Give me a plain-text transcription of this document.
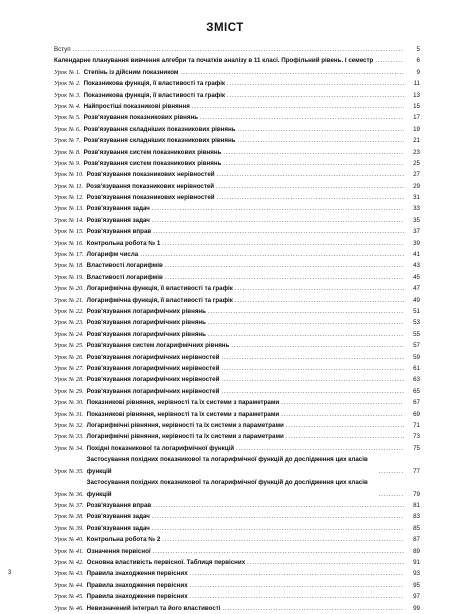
ЗМІСТ
Вступ .....	5
Календарне планування вивчення алгебри та початків аналізу в 11 класі. Профільний рівень. І семестр .....	6
Урок № 1. Степінь із дійсним показником .....	9
Урок № 2. Показникова функція, її властивості та графік .....	11
Урок № 3. Показникова функція, її властивості та графік .....	13
Урок № 4. Найпростіші показникові рівняння .....	15
Урок № 5. Розв'язування показникових рівнянь .....	17
Урок № 6. Розв'язування складніших показникових рівнянь .....	19
Урок № 7. Розв'язування складніших показникових рівнянь .....	21
Урок № 8. Розв'язування систем показникових рівнянь .....	23
Урок № 9. Розв'язування систем показникових рівнянь .....	25
Урок № 10. Розв'язування показникових нерівностей .....	27
Урок № 11. Розв'язування показникових нерівностей .....	29
Урок № 12. Розв'язування показникових нерівностей .....	31
Урок № 13. Розв'язування задач .....	33
Урок № 14. Розв'язування задач .....	35
Урок № 15. Розв'язування вправ .....	37
Урок № 16. Контрольна робота № 1 .....	39
Урок № 17. Логарифм числа .....	41
Урок № 18. Властивості логарифмів .....	43
Урок № 19. Властивості логарифмів .....	45
Урок № 20. Логарифмічна функція, її властивості та графік .....	47
Урок № 21. Логарифмічна функція, її властивості та графік .....	49
Урок № 22. Розв'язування логарифмічних рівнянь .....	51
Урок № 23. Розв'язування логарифмічних рівнянь .....	53
Урок № 24. Розв'язування логарифмічних рівнянь .....	55
Урок № 25. Розв'язування систем логарифмічних рівнянь .....	57
Урок № 26. Розв'язування логарифмічних нерівностей .....	59
Урок № 27. Розв'язування логарифмічних нерівностей .....	61
Урок № 28. Розв'язування логарифмічних нерівностей .....	63
Урок № 29. Розв'язування логарифмічних нерівностей .....	65
Урок № 30. Показникові рівняння, нерівності та їх системи з параметрами .....	67
Урок № 31. Показникові рівняння, нерівності та їх системи з параметрами .....	69
Урок № 32. Логарифмічні рівняння, нерівності та їх системи з параметрами .....	71
Урок № 33. Логарифмічні рівняння, нерівності та їх системи з параметрами .....	73
Урок № 34. Похідні показникової та логарифмічної функцій .....	75
Урок № 35.
Застосування похідних показникової та логарифмічної функцій до дослідження цих класів функцій .....	77
Урок № 36.
Застосування похідних показникової та логарифмічної функцій до дослідження цих класів функцій .....	79
Урок № 37. Розв'язування вправ .....	81
Урок № 38. Розв'язування задач .....	83
Урок № 39. Розв'язування задач .....	85
Урок № 40. Контрольна робота № 2 .....	87
Урок № 41. Означення первісної .....	89
Урок № 42. Основна властивість первісної. Таблиця первісних .....	91
Урок № 43. Правила знаходження первісних .....	93
Урок № 44. Правила знаходження первісних .....	95
Урок № 45. Правила знаходження первісних .....	97
Урок № 46. Невизначений інтеграл та його властивості .....	99
3
